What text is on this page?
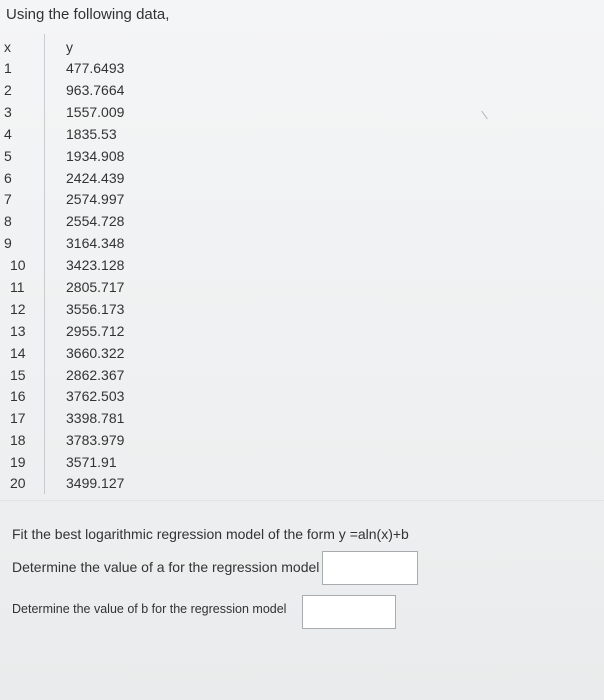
Using the following data,
x
1
2
3
4
5
6
7
8
9
10
11
12
13
14
15
16
17
18
19
20
y
477.6493
963.7664
1557.009
1835.53
1934.908
2424.439
2574.997
2554.728
3164.348
3423.128
2805.717
3556.173
2955.712
3660.322
2862.367
3762.503
3398.781
3783.979
3571.91
3499.127
Fit the best logarithmic regression model of the form y =aln(x)+b
Determine the value of a for the regression model
Determine the value of b for the regression model
